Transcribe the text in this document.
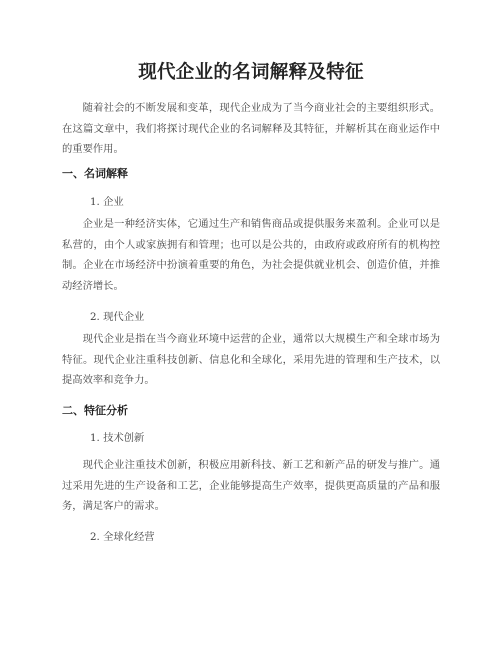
现代企业的名词解释及特征
随着社会的不断发展和变革，现代企业成为了当今商业社会的主要组织形式。在这篇文章中，我们将探讨现代企业的名词解释及其特征，并解析其在商业运作中的重要作用。
一、名词解释
1. 企业
企业是一种经济实体，它通过生产和销售商品或提供服务来盈利。企业可以是私营的，由个人或家族拥有和管理；也可以是公共的，由政府或政府所有的机构控制。企业在市场经济中扮演着重要的角色，为社会提供就业机会、创造价值，并推动经济增长。
2. 现代企业
现代企业是指在当今商业环境中运营的企业，通常以大规模生产和全球市场为特征。现代企业注重科技创新、信息化和全球化，采用先进的管理和生产技术，以提高效率和竞争力。
二、特征分析
1. 技术创新
现代企业注重技术创新，积极应用新科技、新工艺和新产品的研发与推广。通过采用先进的生产设备和工艺，企业能够提高生产效率，提供更高质量的产品和服务，满足客户的需求。
2. 全球化经营
